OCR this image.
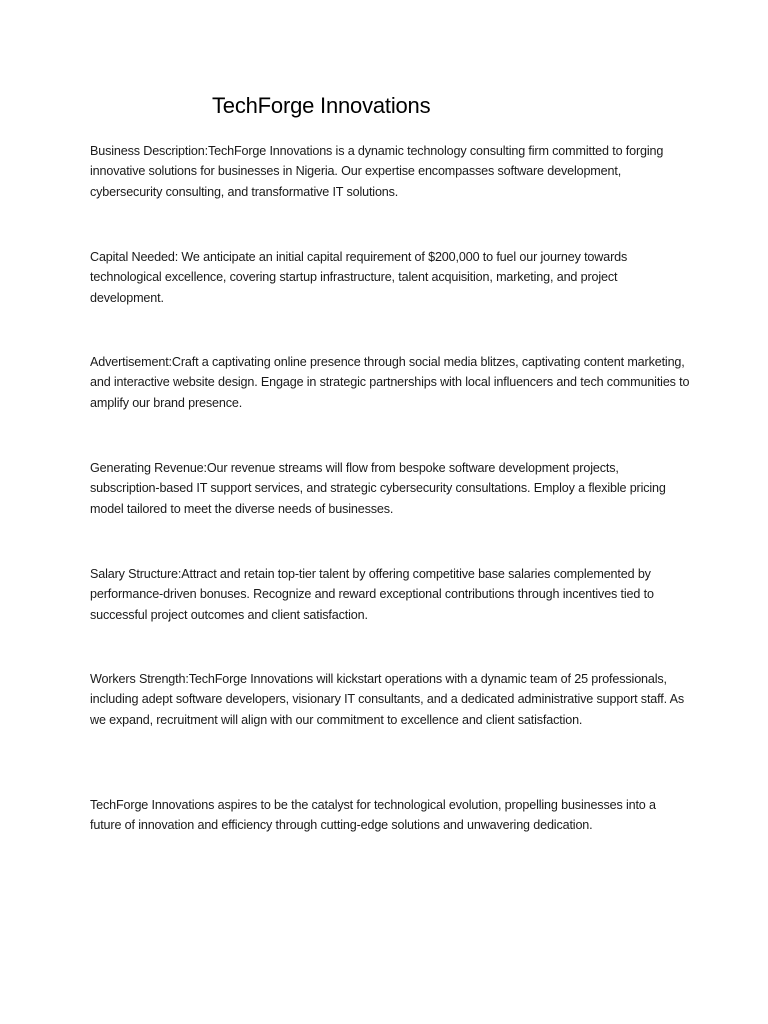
TechForge Innovations

Business Description:TechForge Innovations is a dynamic technology consulting firm committed to forging innovative solutions for businesses in Nigeria. Our expertise encompasses software development, cybersecurity consulting, and transformative IT solutions.

Capital Needed: We anticipate an initial capital requirement of $200,000 to fuel our journey towards technological excellence, covering startup infrastructure, talent acquisition, marketing, and project development.

Advertisement:Craft a captivating online presence through social media blitzes, captivating content marketing, and interactive website design. Engage in strategic partnerships with local influencers and tech communities to amplify our brand presence.

Generating Revenue:Our revenue streams will flow from bespoke software development projects, subscription-based IT support services, and strategic cybersecurity consultations. Employ a flexible pricing model tailored to meet the diverse needs of businesses.

Salary Structure:Attract and retain top-tier talent by offering competitive base salaries complemented by performance-driven bonuses. Recognize and reward exceptional contributions through incentives tied to successful project outcomes and client satisfaction.

Workers Strength:TechForge Innovations will kickstart operations with a dynamic team of 25 professionals, including adept software developers, visionary IT consultants, and a dedicated administrative support staff. As we expand, recruitment will align with our commitment to excellence and client satisfaction.

TechForge Innovations aspires to be the catalyst for technological evolution, propelling businesses into a future of innovation and efficiency through cutting-edge solutions and unwavering dedication.
